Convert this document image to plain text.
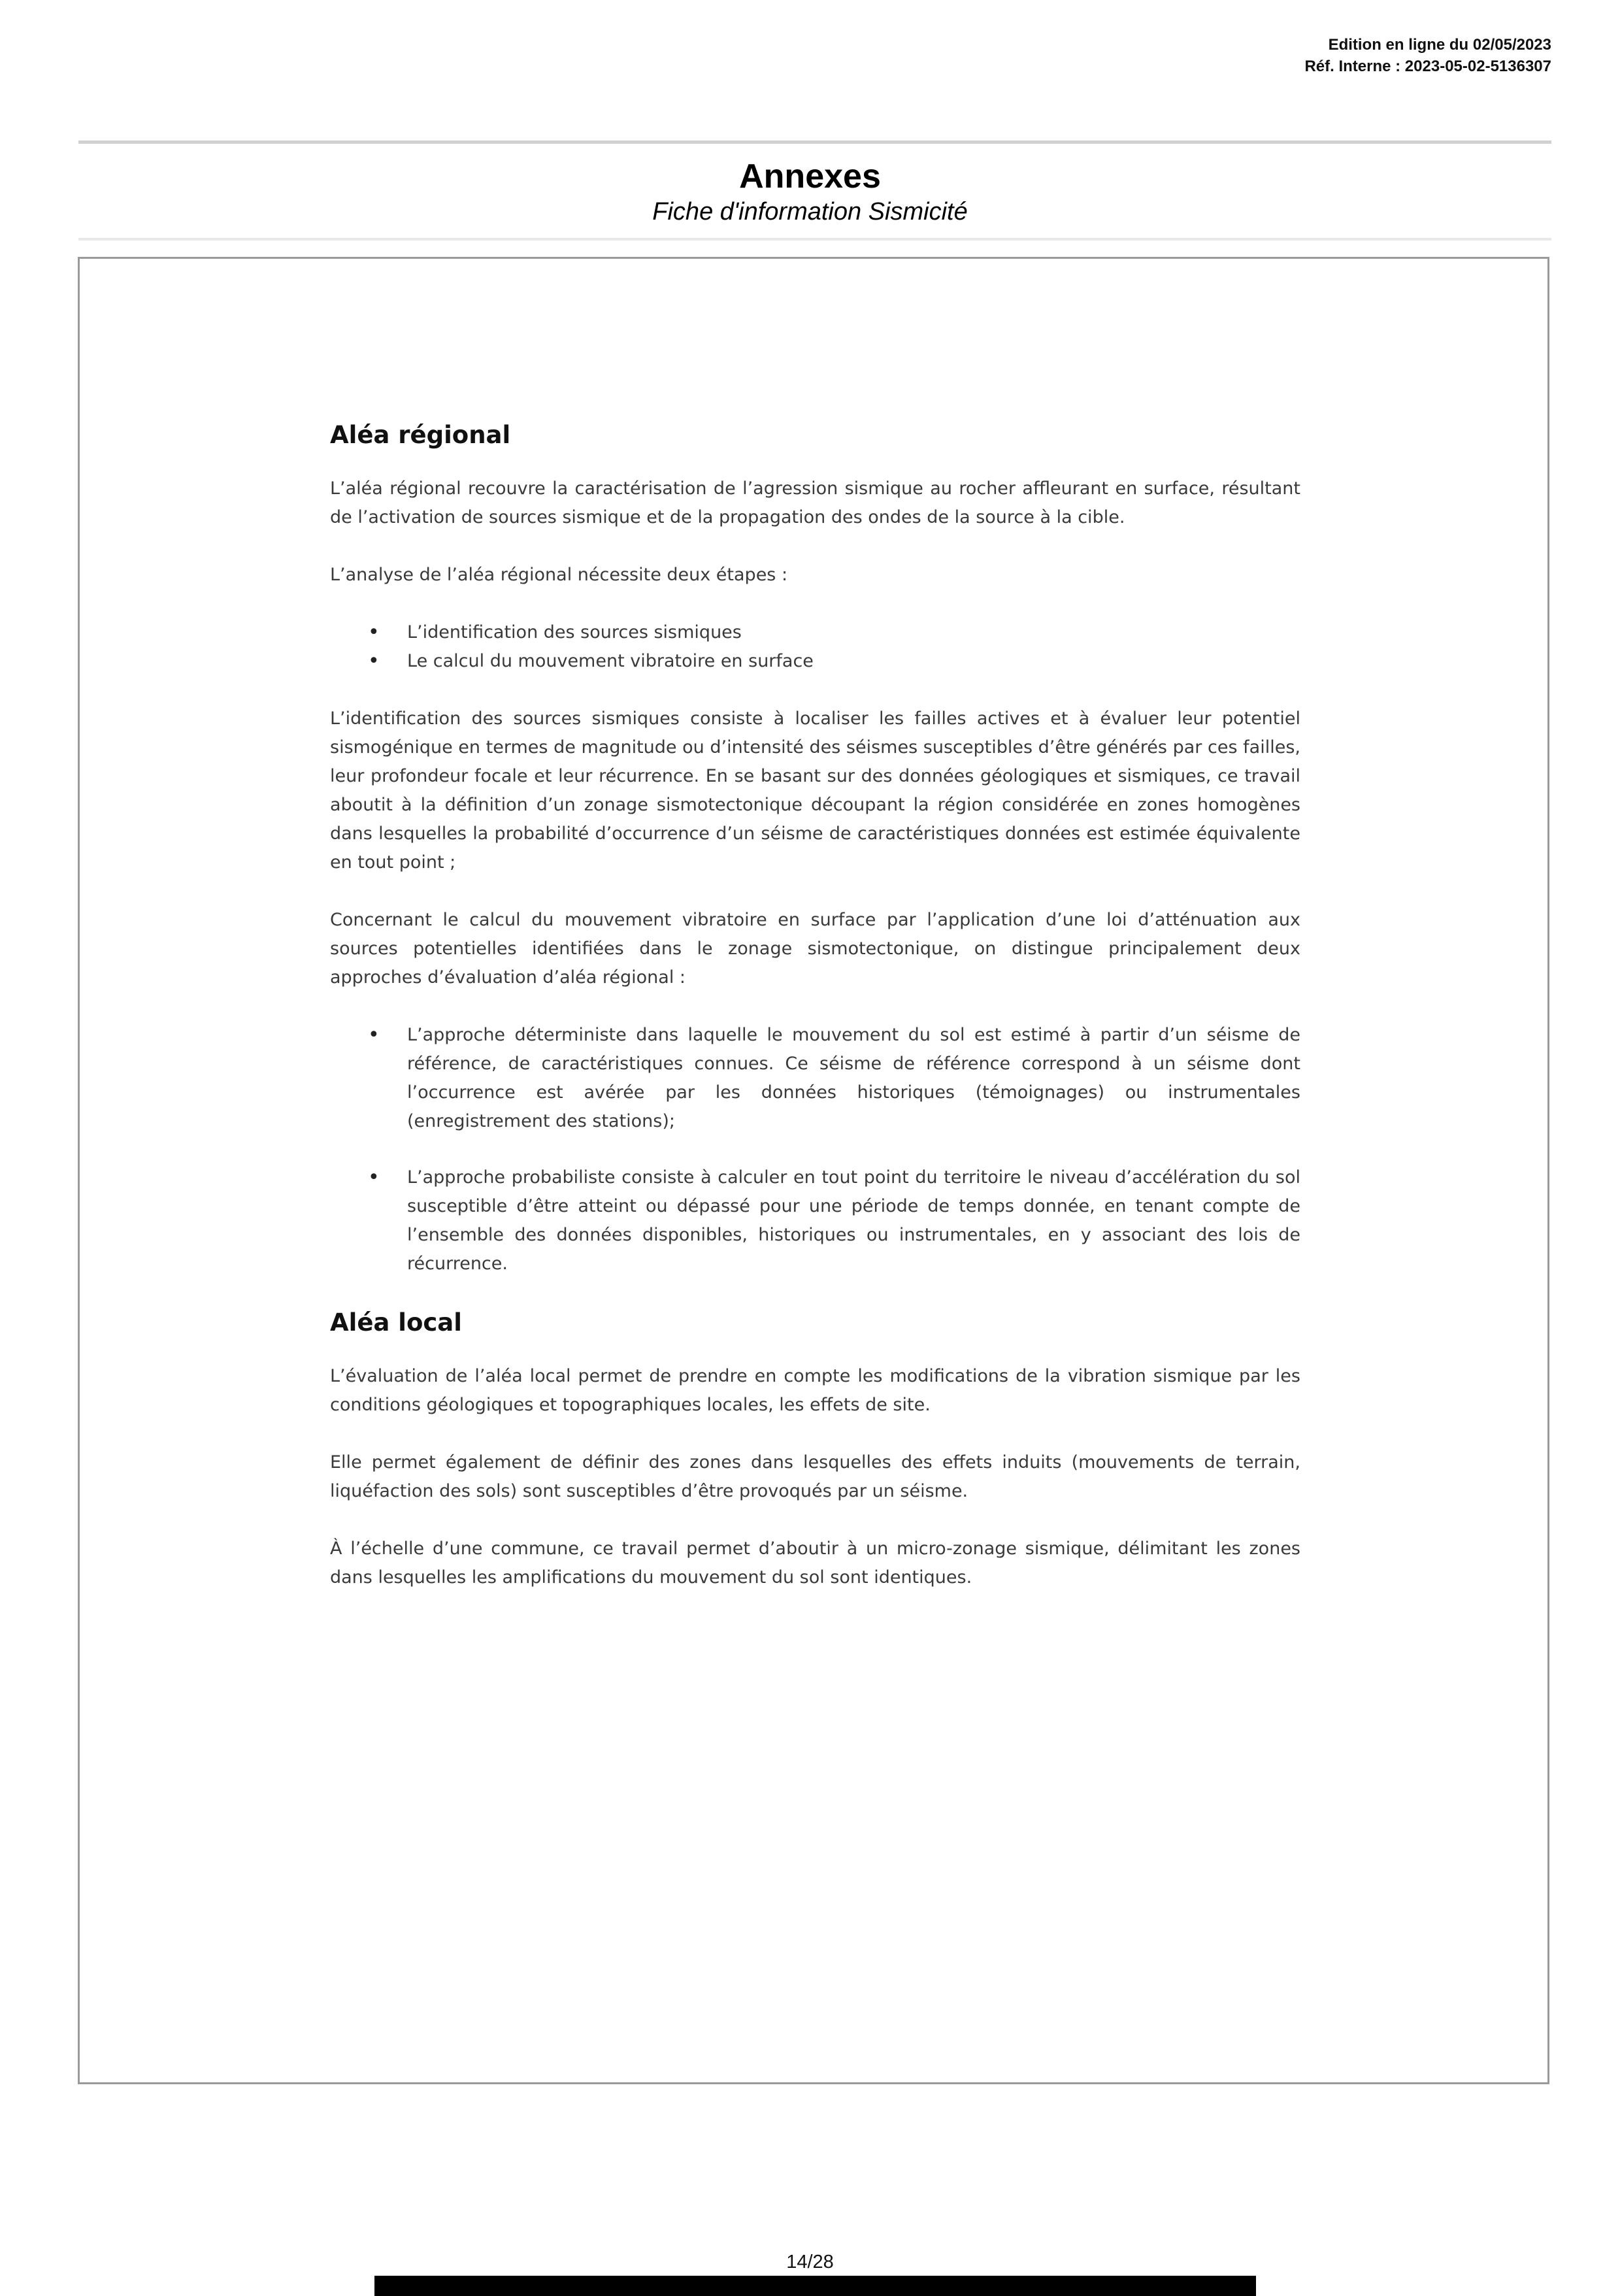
Edition en ligne du 02/05/2023
Réf. Interne : 2023-05-02-5136307
Annexes
Fiche d'information Sismicité
Aléa régional

L’aléa régional recouvre la caractérisation de l’agression sismique au rocher affleurant en surface, résultant de l’activation de sources sismique et de la propagation des ondes de la source à la cible.

L’analyse de l’aléa régional nécessite deux étapes :

• L’identification des sources sismiques
• Le calcul du mouvement vibratoire en surface

L’identification des sources sismiques consiste à localiser les failles actives et à évaluer leur potentiel sismogénique en termes de magnitude ou d’intensité des séismes susceptibles d’être générés par ces failles, leur profondeur focale et leur récurrence. En se basant sur des données géologiques et sismiques, ce travail aboutit à la définition d’un zonage sismotectonique découpant la région considérée en zones homogènes dans lesquelles la probabilité d’occurrence d’un séisme de caractéristiques données est estimée équivalente en tout point ;

Concernant le calcul du mouvement vibratoire en surface par l’application d’une loi d’atténuation aux sources potentielles identifiées dans le zonage sismotectonique, on distingue principalement deux approches d’évaluation d’aléa régional :

• L’approche déterministe dans laquelle le mouvement du sol est estimé à partir d’un séisme de référence, de caractéristiques connues. Ce séisme de référence correspond à un séisme dont l’occurrence est avérée par les données historiques (témoignages) ou instrumentales (enregistrement des stations);
• L’approche probabiliste consiste à calculer en tout point du territoire le niveau d’accélération du sol susceptible d’être atteint ou dépassé pour une période de temps donnée, en tenant compte de l’ensemble des données disponibles, historiques ou instrumentales, en y associant des lois de récurrence.
Aléa local

L’évaluation de l’aléa local permet de prendre en compte les modifications de la vibration sismique par les conditions géologiques et topographiques locales, les effets de site.

Elle permet également de définir des zones dans lesquelles des effets induits (mouvements de terrain, liquéfaction des sols) sont susceptibles d’être provoqués par un séisme.

À l’échelle d’une commune, ce travail permet d’aboutir à un micro-zonage sismique, délimitant les zones dans lesquelles les amplifications du mouvement du sol sont identiques.

14/28
